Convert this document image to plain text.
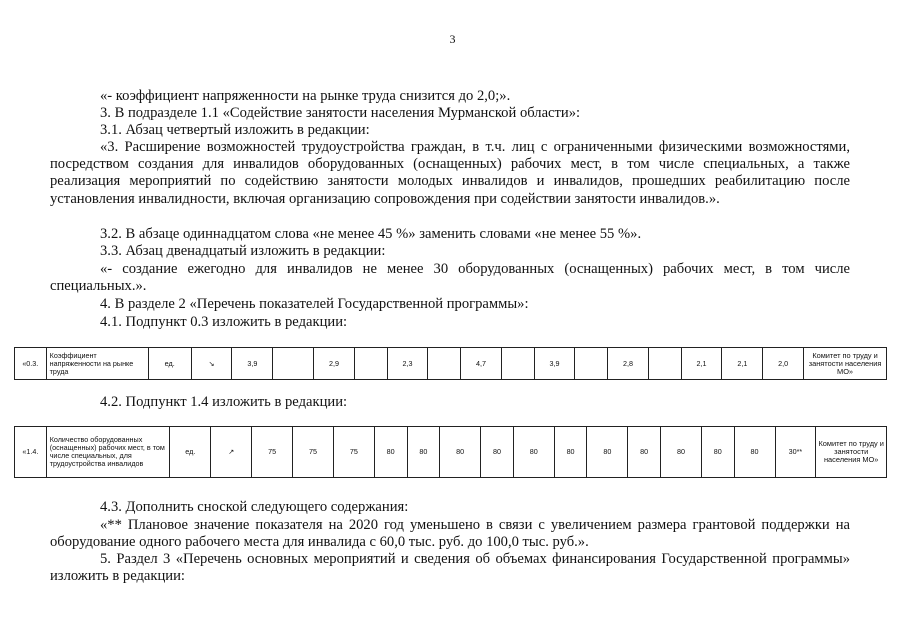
3

«- коэффициент напряженности на рынке труда снизится до 2,0;».

3. В подразделе 1.1 «Содействие занятости населения Мурманской области»:

3.1. Абзац четвертый изложить в редакции:

«3. Расширение возможностей трудоустройства граждан, в т.ч. лиц с ограниченными физическими возможностями, посредством создания для инвалидов оборудованных (оснащенных) рабочих мест, в том числе специальных, а также реализация мероприятий по содействию занятости молодых инвалидов и инвалидов, прошедших реабилитацию после установления инвалидности, включая организацию сопровождения при содействии занятости инвалидов.».

3.2. В абзаце одиннадцатом слова «не менее 45 %» заменить словами «не менее 55 %».

3.3. Абзац двенадцатый изложить в редакции:

«- создание ежегодно для инвалидов не менее 30 оборудованных (оснащенных) рабочих мест, в том числе специальных.».

4. В разделе 2 «Перечень показателей Государственной программы»:

4.1. Подпункт 0.3 изложить в редакции:

«0.3.	Коэффициент напряженности на рынке труда	ед.	↘	3,9		2,9		2,3		4,7		3,9		2,8		2,1	2,1	2,0	Комитет по труду и занятости населения МО»

4.2. Подпункт 1.4 изложить в редакции:

«1.4.	Количество оборудованных (оснащенных) рабочих мест, в том числе специальных, для трудоустройства инвалидов	ед.	↗	75	75	75	80	80	80	80	80	80	80	80	80	80	80	30**	Комитет по труду и занятости населения МО»

4.3. Дополнить сноской следующего содержания:

«** Плановое значение показателя на 2020 год уменьшено в связи с увеличением размера грантовой поддержки на оборудование одного рабочего места для инвалида с 60,0 тыс. руб. до 100,0 тыс. руб.».

5. Раздел 3 «Перечень основных мероприятий и сведения об объемах финансирования Государственной программы» изложить в редакции:
